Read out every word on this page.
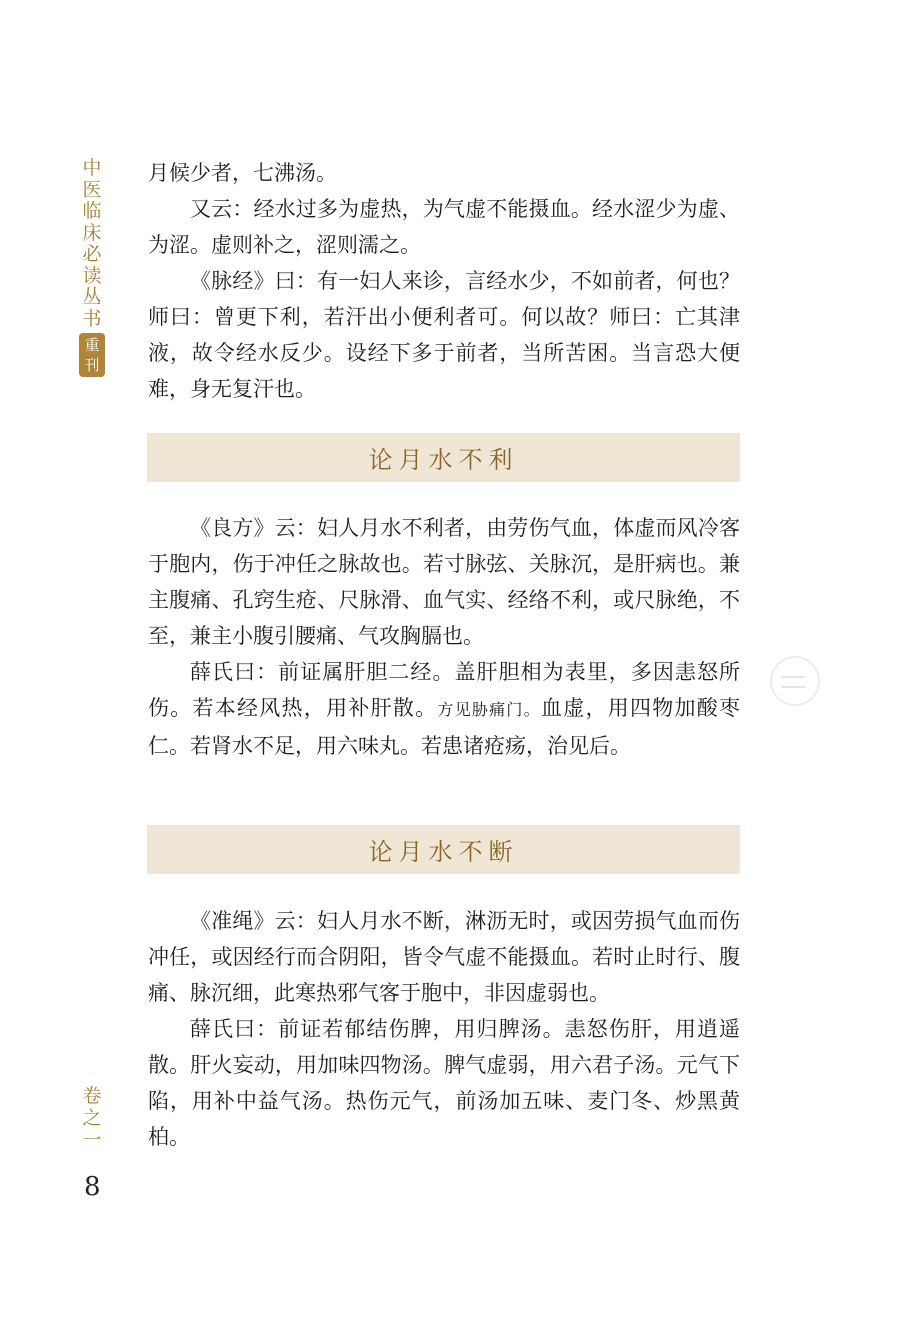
中
医
临
床
必
读
丛
书
重
刊
卷
之
一
8

月候少者，七沸汤。

又云：经水过多为虚热，为气虚不能摄血。经水涩少为虚、为涩。虚则补之，涩则濡之。

《脉经》曰：有一妇人来诊，言经水少，不如前者，何也？师曰：曾更下利，若汗出小便利者可。何以故？师曰：亡其津液，故令经水反少。设经下多于前者，当所苦困。当言恐大便难，身无复汗也。

论月水不利

《良方》云：妇人月水不利者，由劳伤气血，体虚而风冷客于胞内，伤于冲任之脉故也。若寸脉弦、关脉沉，是肝病也。兼主腹痛、孔窍生疮、尺脉滑、血气实、经络不利，或尺脉绝，不至，兼主小腹引腰痛、气攻胸膈也。

薛氏曰：前证属肝胆二经。盖肝胆相为表里，多因恚怒所伤。若本经风热，用补肝散。方见胁痛门。血虚，用四物加酸枣仁。若肾水不足，用六味丸。若患诸疮疡，治见后。

论月水不断

《准绳》云：妇人月水不断，淋沥无时，或因劳损气血而伤冲任，或因经行而合阴阳，皆令气虚不能摄血。若时止时行、腹痛、脉沉细，此寒热邪气客于胞中，非因虚弱也。

薛氏曰：前证若郁结伤脾，用归脾汤。恚怒伤肝，用逍遥散。肝火妄动，用加味四物汤。脾气虚弱，用六君子汤。元气下陷，用补中益气汤。热伤元气，前汤加五味、麦门冬、炒黑黄柏。
